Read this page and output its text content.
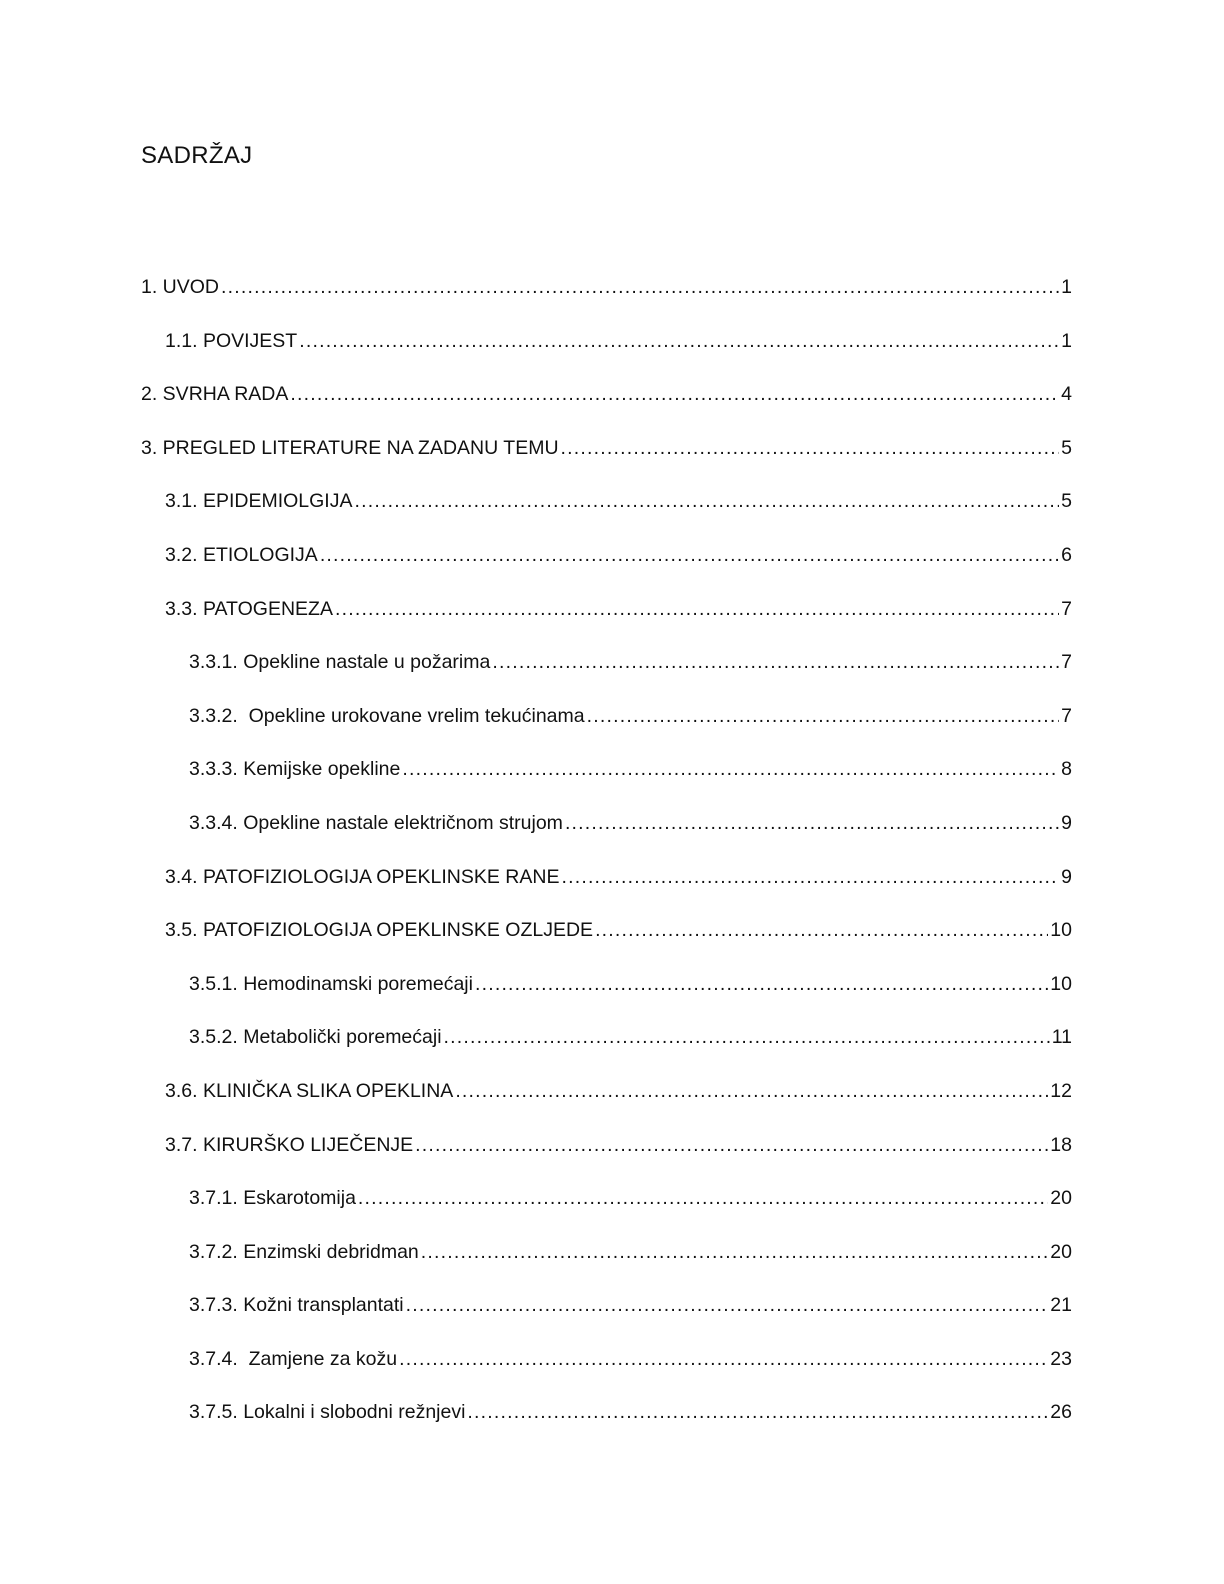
SADRŽAJ
1. UVOD .....	1
1.1. POVIJEST .....	1
2. SVRHA RADA .....	4
3. PREGLED LITERATURE NA ZADANU TEMU .....	5
3.1. EPIDEMIOLGIJA .....	5
3.2. ETIOLOGIJA .....	6
3.3. PATOGENEZA .....	7
3.3.1. Opekline nastale u požarima .....	7
3.3.2.  Opekline urokovane vrelim tekućinama .....	7
3.3.3. Kemijske opekline .....	8
3.3.4. Opekline nastale električnom strujom .....	9
3.4. PATOFIZIOLOGIJA OPEKLINSKE RANE .....	9
3.5. PATOFIZIOLOGIJA OPEKLINSKE OZLJEDE .....	10
3.5.1. Hemodinamski poremećaji .....	10
3.5.2. Metabolički poremećaji .....	11
3.6. KLINIČKA SLIKA OPEKLINA .....	12
3.7. KIRURŠKO LIJEČENJE .....	18
3.7.1. Eskarotomija .....	20
3.7.2. Enzimski debridman .....	20
3.7.3. Kožni transplantati .....	21
3.7.4.  Zamjene za kožu .....	23
3.7.5. Lokalni i slobodni režnjevi .....	26
